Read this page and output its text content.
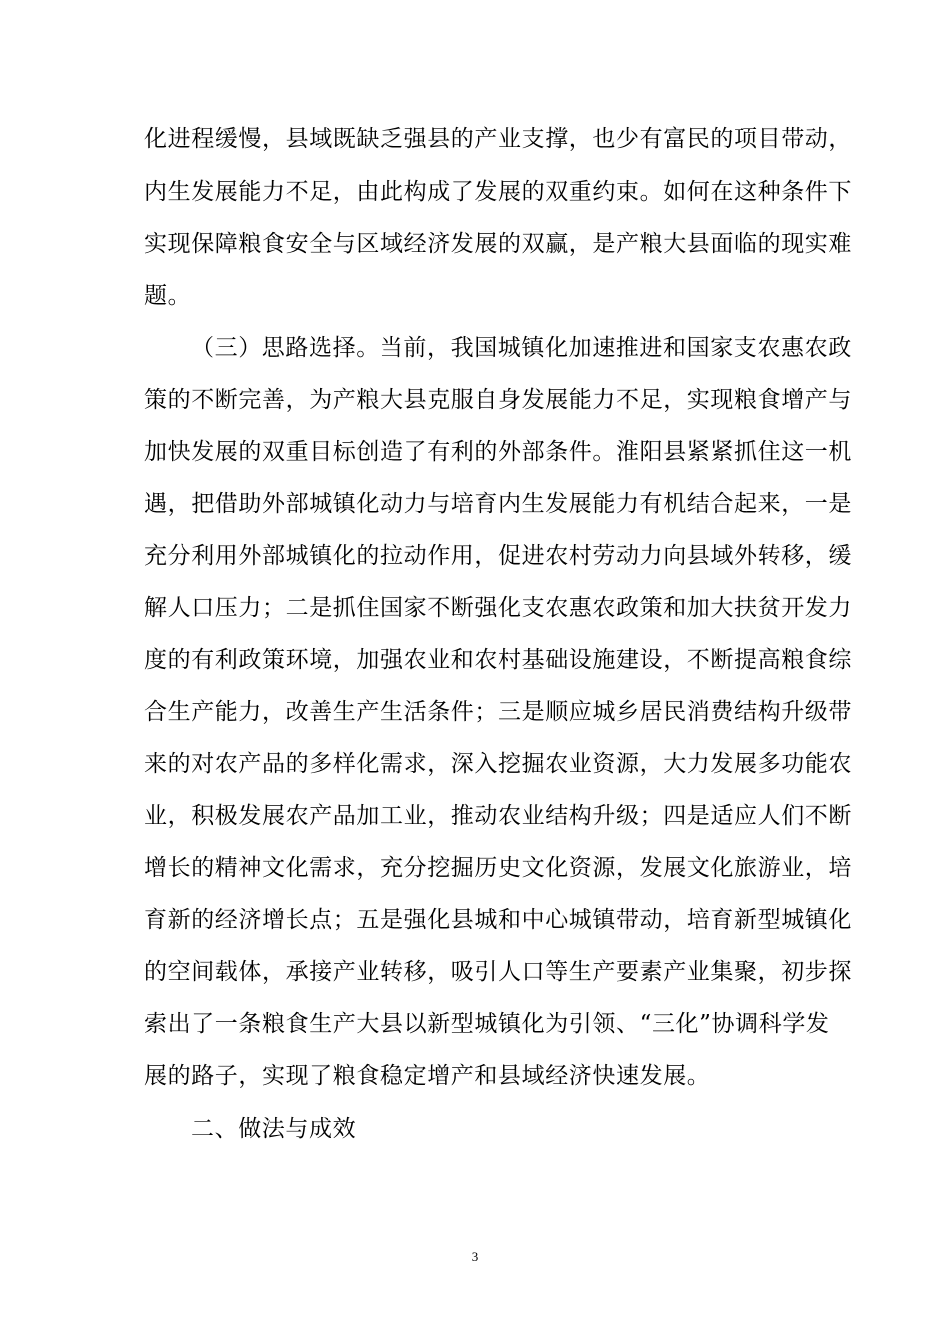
化进程缓慢，县域既缺乏强县的产业支撑，也少有富民的项目带动，
内生发展能力不足，由此构成了发展的双重约束。如何在这种条件下
实现保障粮食安全与区域经济发展的双赢，是产粮大县面临的现实难
题。
（三）思路选择。当前，我国城镇化加速推进和国家支农惠农政
策的不断完善，为产粮大县克服自身发展能力不足，实现粮食增产与
加快发展的双重目标创造了有利的外部条件。淮阳县紧紧抓住这一机
遇，把借助外部城镇化动力与培育内生发展能力有机结合起来，一是
充分利用外部城镇化的拉动作用，促进农村劳动力向县域外转移，缓
解人口压力；二是抓住国家不断强化支农惠农政策和加大扶贫开发力
度的有利政策环境，加强农业和农村基础设施建设，不断提高粮食综
合生产能力，改善生产生活条件；三是顺应城乡居民消费结构升级带
来的对农产品的多样化需求，深入挖掘农业资源，大力发展多功能农
业，积极发展农产品加工业，推动农业结构升级；四是适应人们不断
增长的精神文化需求，充分挖掘历史文化资源，发展文化旅游业，培
育新的经济增长点；五是强化县城和中心城镇带动，培育新型城镇化
的空间载体，承接产业转移，吸引人口等生产要素产业集聚，初步探
索出了一条粮食生产大县以新型城镇化为引领、“三化”协调科学发
展的路子，实现了粮食稳定增产和县域经济快速发展。
二、做法与成效
3
